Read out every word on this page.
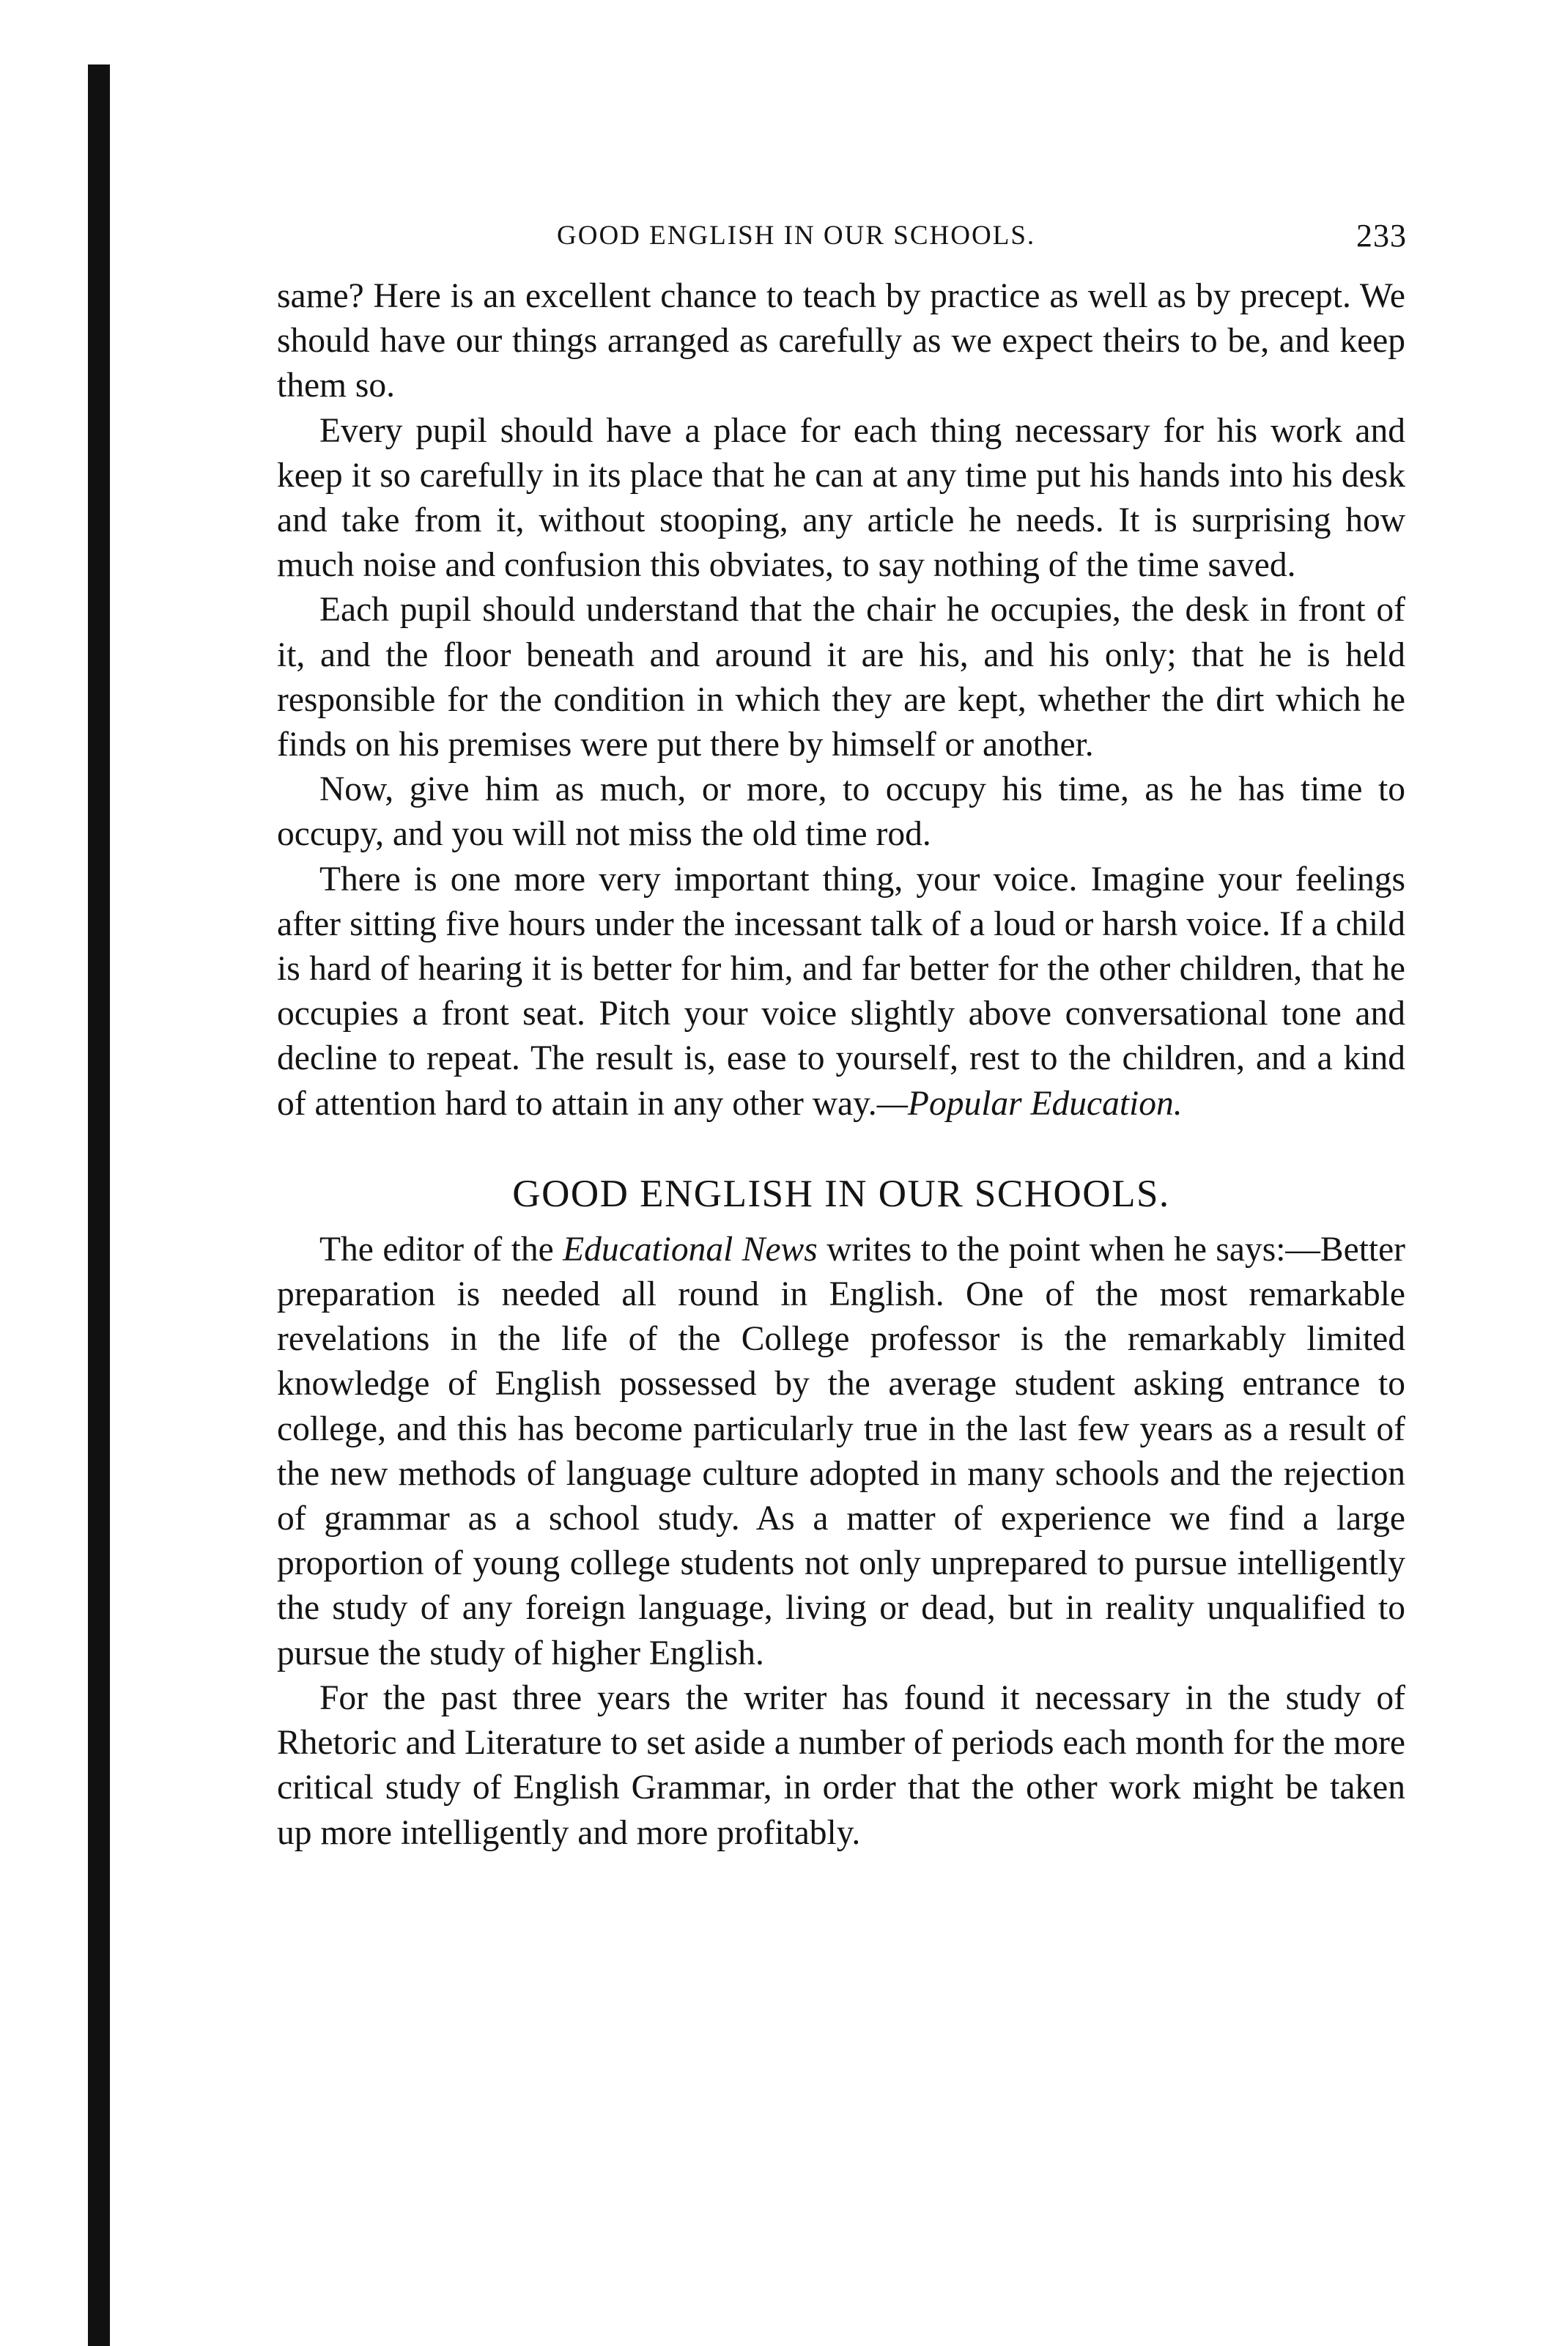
GOOD ENGLISH IN OUR SCHOOLS.	233

same? Here is an excellent chance to teach by practice as well as by precept. We should have our things arranged as carefully as we expect theirs to be, and keep them so.

Every pupil should have a place for each thing necessary for his work and keep it so carefully in its place that he can at any time put his hands into his desk and take from it, without stooping, any article he needs. It is surprising how much noise and confusion this obviates, to say nothing of the time saved.

Each pupil should understand that the chair he occupies, the desk in front of it, and the floor beneath and around it are his, and his only; that he is held responsible for the condition in which they are kept, whether the dirt which he finds on his premises were put there by himself or another.

Now, give him as much, or more, to occupy his time, as he has time to occupy, and you will not miss the old time rod.

There is one more very important thing, your voice. Imagine your feelings after sitting five hours under the incessant talk of a loud or harsh voice. If a child is hard of hearing it is better for him, and far better for the other children, that he occupies a front seat. Pitch your voice slightly above conversational tone and decline to repeat. The result is, ease to yourself, rest to the children, and a kind of attention hard to attain in any other way.—Popular Education.

GOOD ENGLISH IN OUR SCHOOLS.

The editor of the Educational News writes to the point when he says:—Better preparation is needed all round in English. One of the most remarkable revelations in the life of the College professor is the remarkably limited knowledge of English possessed by the average student asking entrance to college, and this has become particularly true in the last few years as a result of the new methods of language culture adopted in many schools and the rejection of grammar as a school study. As a matter of experience we find a large proportion of young college students not only unprepared to pursue intelligently the study of any foreign language, living or dead, but in reality unqualified to pursue the study of higher English.

For the past three years the writer has found it necessary in the study of Rhetoric and Literature to set aside a number of periods each month for the more critical study of English Grammar, in order that the other work might be taken up more intelligently and more profitably.
